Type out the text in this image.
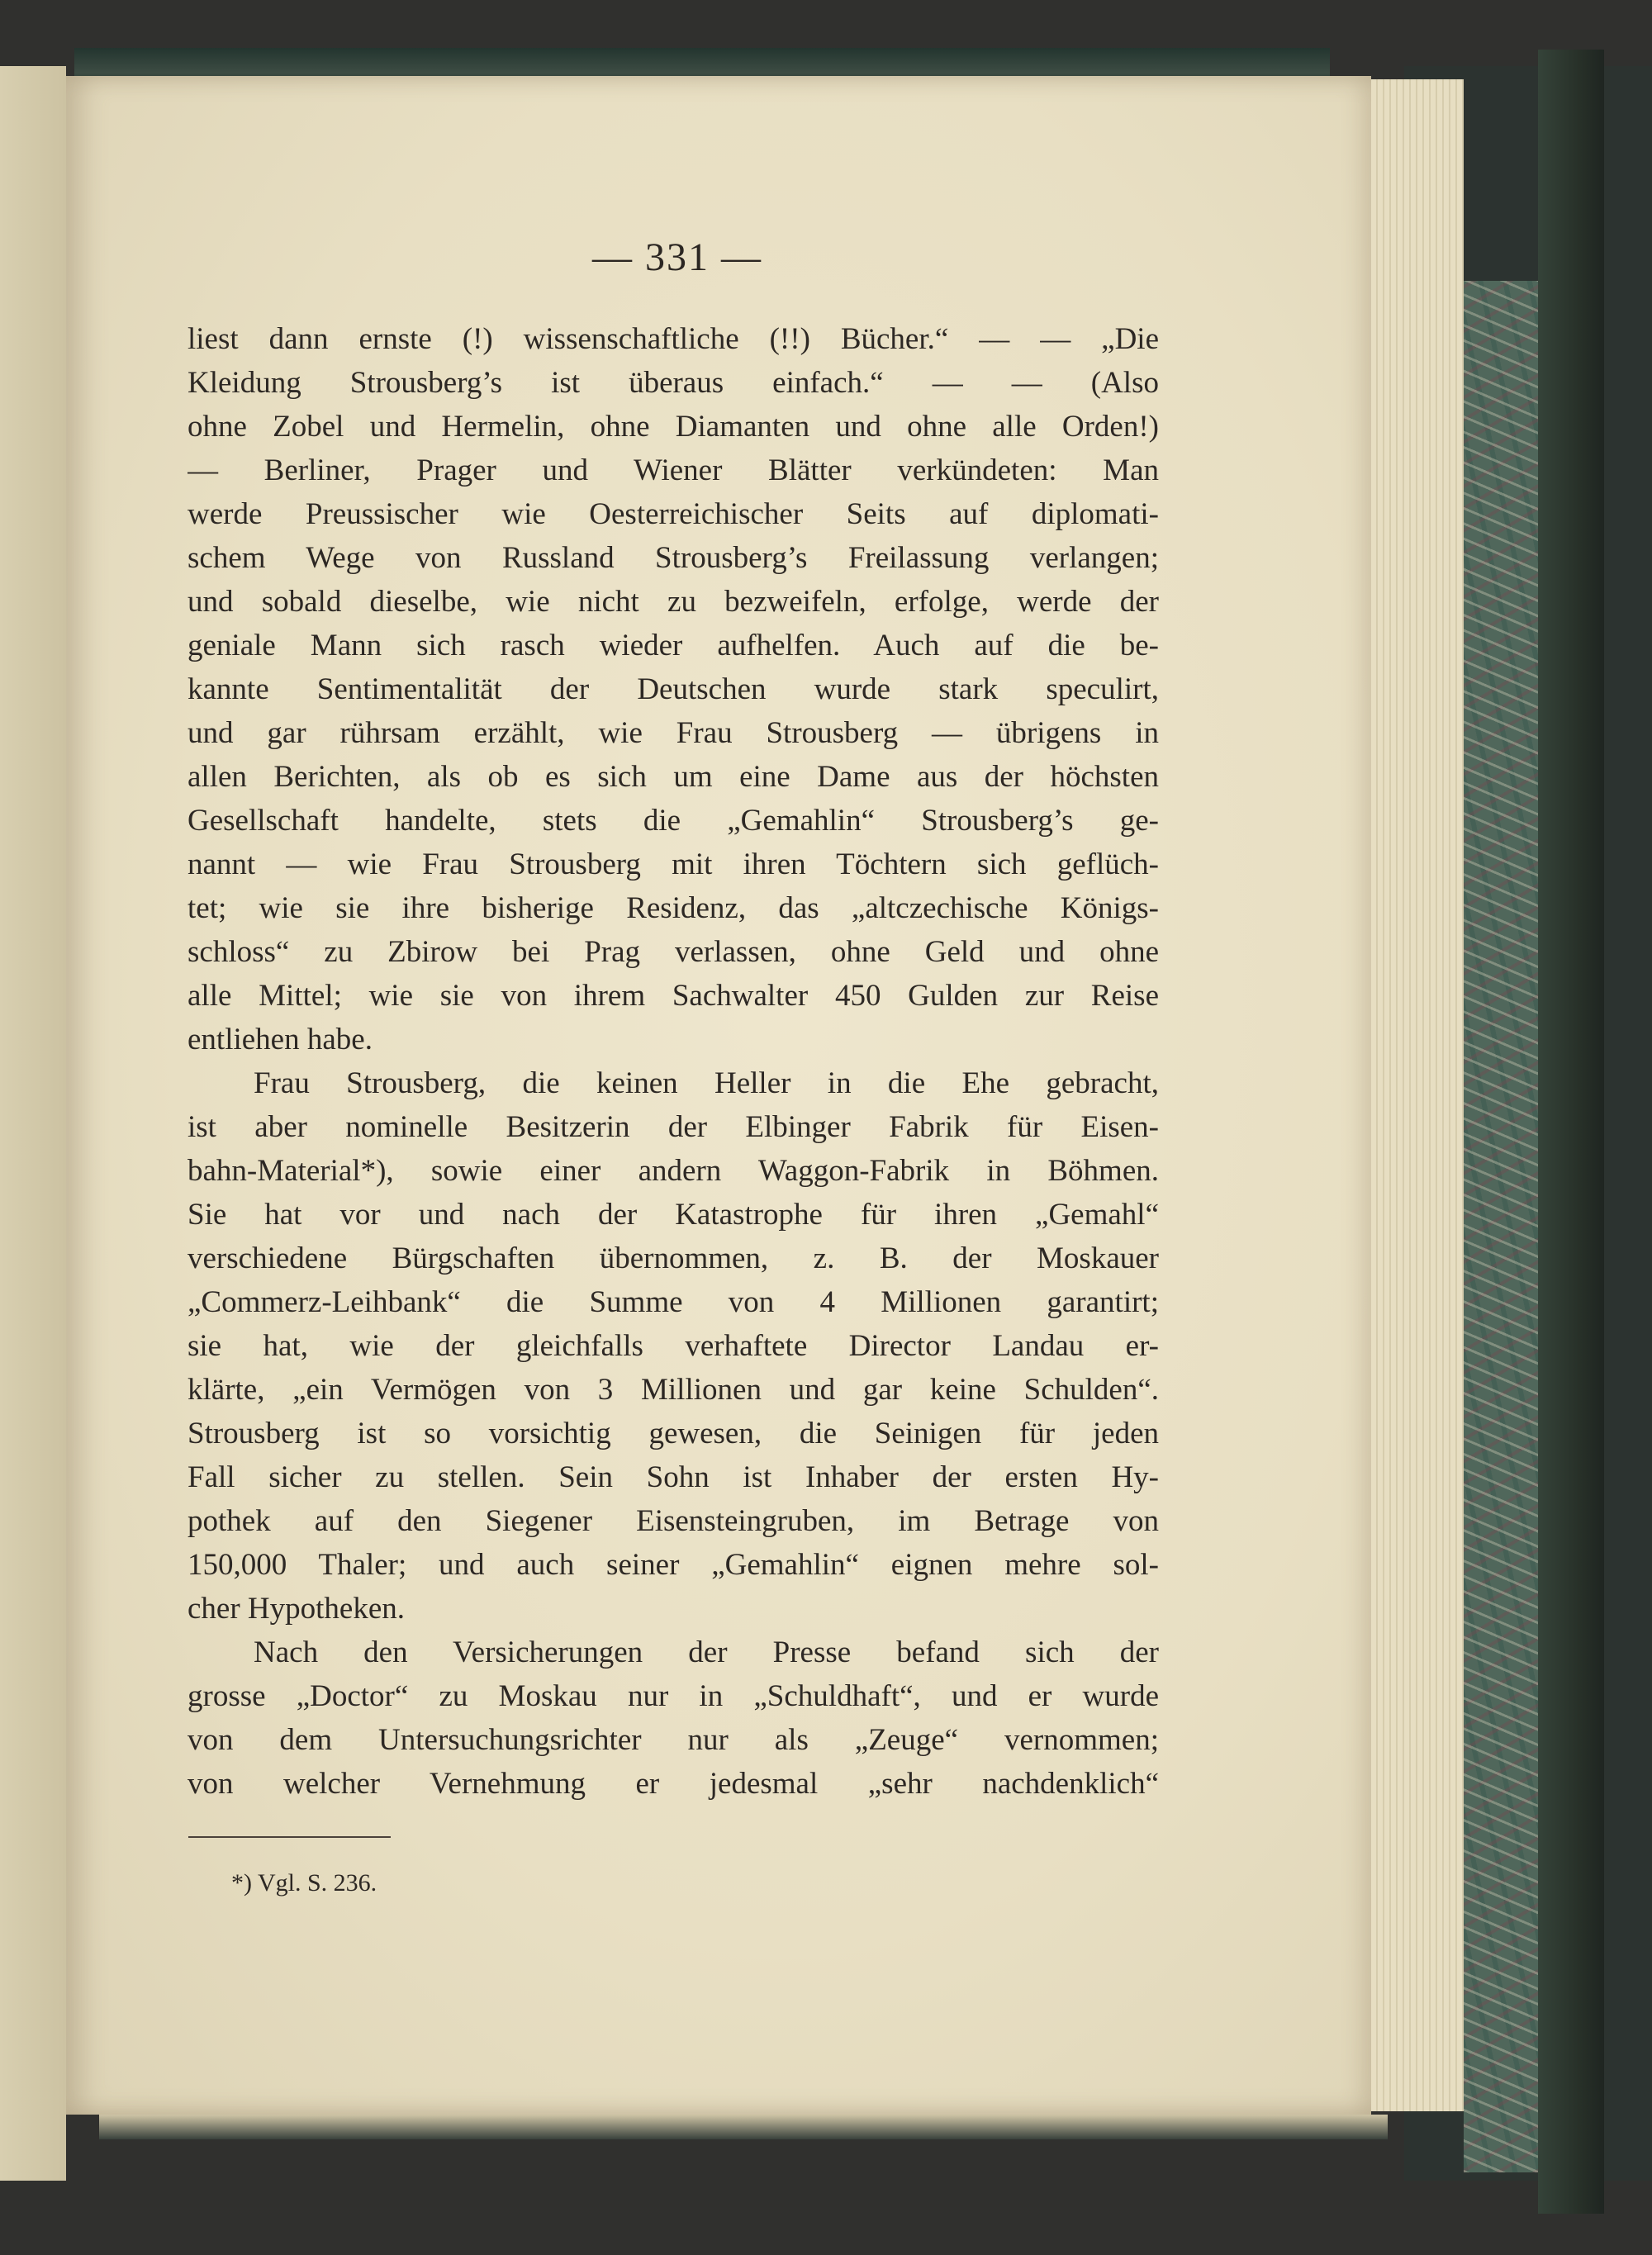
— 331 —
liest dann ernste (!) wissenschaftliche (!!) Bücher.“ — — „Die
Kleidung Strousberg’s ist überaus einfach.“ — — (Also
ohne Zobel und Hermelin, ohne Diamanten und ohne alle Orden!)
— Berliner, Prager und Wiener Blätter verkündeten: Man
werde Preussischer wie Oesterreichischer Seits auf diplomati-
schem Wege von Russland Strousberg’s Freilassung verlangen;
und sobald dieselbe, wie nicht zu bezweifeln, erfolge, werde der
geniale Mann sich rasch wieder aufhelfen. Auch auf die be-
kannte Sentimentalität der Deutschen wurde stark speculirt,
und gar rührsam erzählt, wie Frau Strousberg — übrigens in
allen Berichten, als ob es sich um eine Dame aus der höchsten
Gesellschaft handelte, stets die „Gemahlin“ Strousberg’s ge-
nannt — wie Frau Strousberg mit ihren Töchtern sich geflüch-
tet; wie sie ihre bisherige Residenz, das „altczechische Königs-
schloss“ zu Zbirow bei Prag verlassen, ohne Geld und ohne
alle Mittel; wie sie von ihrem Sachwalter 450 Gulden zur Reise
entliehen habe.
Frau Strousberg, die keinen Heller in die Ehe gebracht,
ist aber nominelle Besitzerin der Elbinger Fabrik für Eisen-
bahn-Material*), sowie einer andern Waggon-Fabrik in Böhmen.
Sie hat vor und nach der Katastrophe für ihren „Gemahl“
verschiedene Bürgschaften übernommen, z. B. der Moskauer
„Commerz-Leihbank“ die Summe von 4 Millionen garantirt;
sie hat, wie der gleichfalls verhaftete Director Landau er-
klärte, „ein Vermögen von 3 Millionen und gar keine Schulden“.
Strousberg ist so vorsichtig gewesen, die Seinigen für jeden
Fall sicher zu stellen. Sein Sohn ist Inhaber der ersten Hy-
pothek auf den Siegener Eisensteingruben, im Betrage von
150,000 Thaler; und auch seiner „Gemahlin“ eignen mehre sol-
cher Hypotheken.
Nach den Versicherungen der Presse befand sich der
grosse „Doctor“ zu Moskau nur in „Schuldhaft“, und er wurde
von dem Untersuchungsrichter nur als „Zeuge“ vernommen;
von welcher Vernehmung er jedesmal „sehr nachdenklich“
*) Vgl. S. 236.
